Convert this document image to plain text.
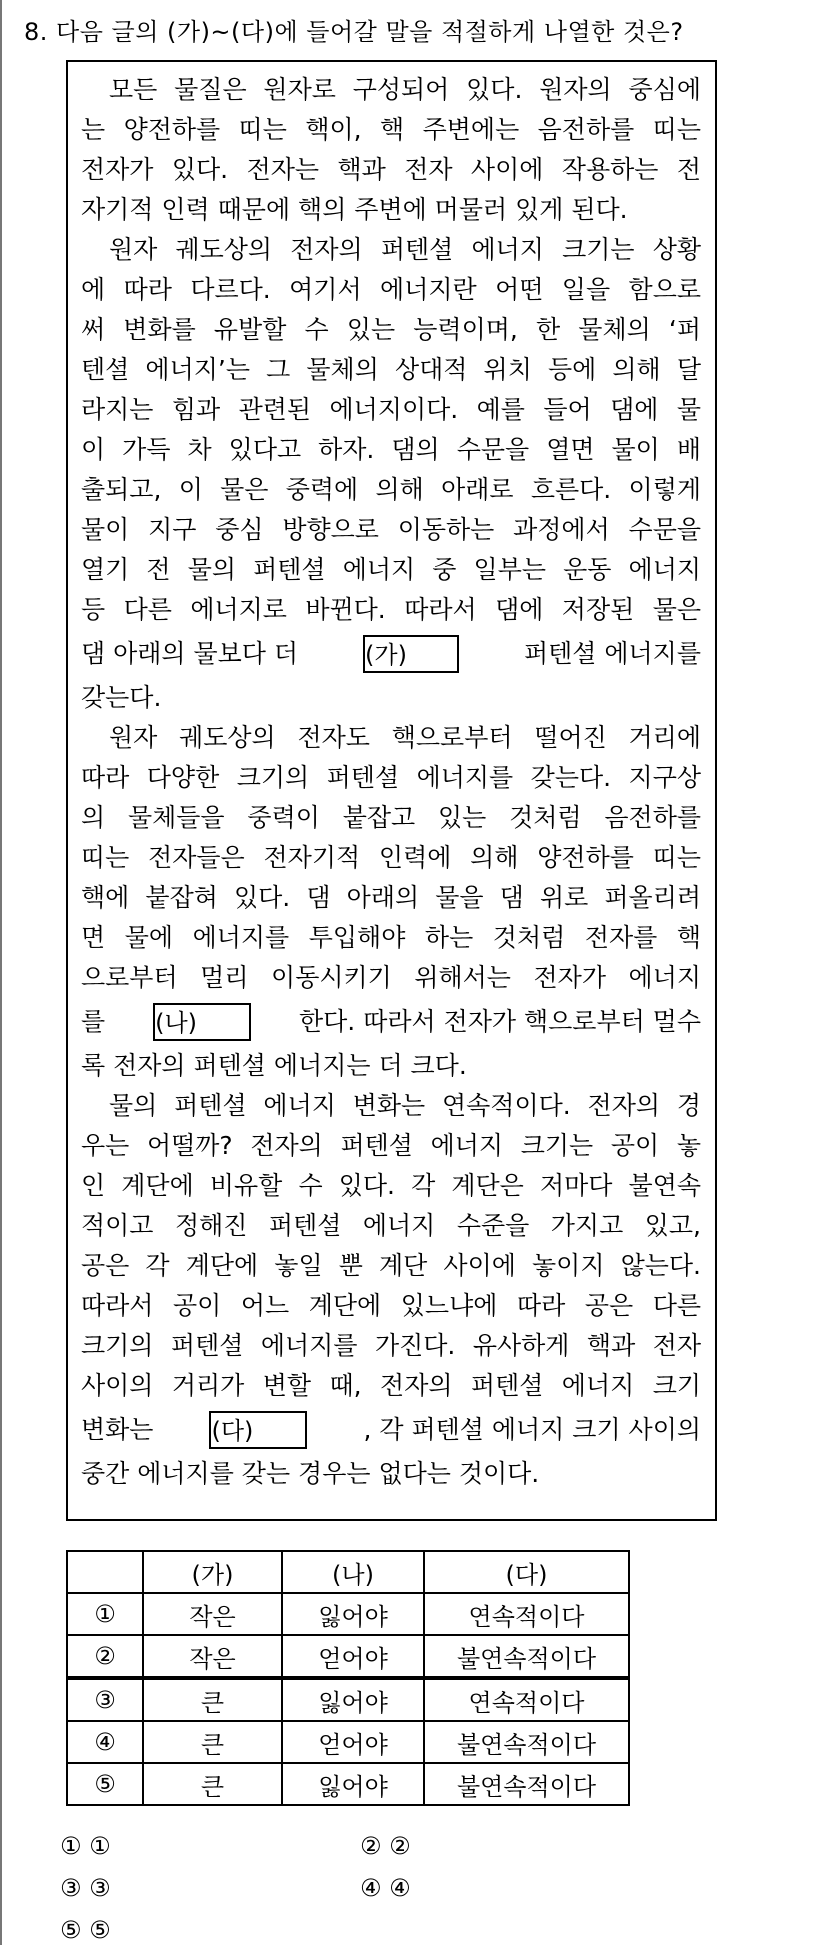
8. 다음 글의 (가)~(다)에 들어갈 말을 적절하게 나열한 것은?
모든 물질은 원자로 구성되어 있다. 원자의 중심에
는 양전하를 띠는 핵이, 핵 주변에는 음전하를 띠는
전자가 있다. 전자는 핵과 전자 사이에 작용하는 전
자기적 인력 때문에 핵의 주변에 머물러 있게 된다.
원자 궤도상의 전자의 퍼텐셜 에너지 크기는 상황
에 따라 다르다. 여기서 에너지란 어떤 일을 함으로
써 변화를 유발할 수 있는 능력이며, 한 물체의 ‘퍼
텐셜 에너지’는 그 물체의 상대적 위치 등에 의해 달
라지는 힘과 관련된 에너지이다. 예를 들어 댐에 물
이 가득 차 있다고 하자. 댐의 수문을 열면 물이 배
출되고, 이 물은 중력에 의해 아래로 흐른다. 이렇게
물이 지구 중심 방향으로 이동하는 과정에서 수문을
열기 전 물의 퍼텐셜 에너지 중 일부는 운동 에너지
등 다른 에너지로 바뀐다. 따라서 댐에 저장된 물은
댐 아래의 물보다 더	(가)	퍼텐셜 에너지를
갖는다.
원자 궤도상의 전자도 핵으로부터 떨어진 거리에
따라 다양한 크기의 퍼텐셜 에너지를 갖는다. 지구상
의 물체들을 중력이 붙잡고 있는 것처럼 음전하를
띠는 전자들은 전자기적 인력에 의해 양전하를 띠는
핵에 붙잡혀 있다. 댐 아래의 물을 댐 위로 퍼올리려
면 물에 에너지를 투입해야 하는 것처럼 전자를 핵
으로부터 멀리 이동시키기 위해서는 전자가 에너지
를 (나)	한다. 따라서 전자가 핵으로부터 멀수
록 전자의 퍼텐셜 에너지는 더 크다.
물의 퍼텐셜 에너지 변화는 연속적이다. 전자의 경
우는 어떨까? 전자의 퍼텐셜 에너지 크기는 공이 놓
인 계단에 비유할 수 있다. 각 계단은 저마다 불연속
적이고 정해진 퍼텐셜 에너지 수준을 가지고 있고,
공은 각 계단에 놓일 뿐 계단 사이에 놓이지 않는다.
따라서 공이 어느 계단에 있느냐에 따라 공은 다른
크기의 퍼텐셜 에너지를 가진다. 유사하게 핵과 전자
사이의 거리가 변할 때, 전자의 퍼텐셜 에너지 크기
변화는 (다)	, 각 퍼텐셜 에너지 크기 사이의
중간 에너지를 갖는 경우는 없다는 것이다.
	(가)	(나)	(다)
①	작은	잃어야	연속적이다
②	작은	얻어야	불연속적이다
③	큰	잃어야	연속적이다
④	큰	얻어야	불연속적이다
⑤	큰	잃어야	불연속적이다
① ①	② ②
③ ③	④ ④
⑤ ⑤
